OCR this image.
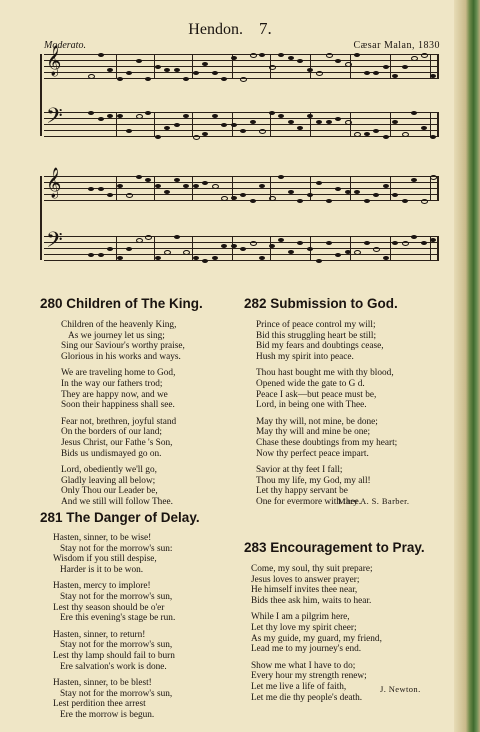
Hendon. 7.
Moderato.	Cæsar Malan, 1830
𝄞
𝄢
𝄞
𝄢
280 Children of The King.
Children of the heavenly King,
As we journey let us sing;
Sing our Saviour's worthy praise,
Glorious in his works and ways.
We are traveling home to God,
In the way our fathers trod;
They are happy now, and we
Soon their happiness shall see.
Fear not, brethren, joyful stand
On the borders of our land;
Jesus Christ, our Fathe 's Son,
Bids us undismayed go on.
Lord, obediently we'll go,
Gladly leaving all below;
Only Thou our Leader be,
And we still will follow Thee.
281 The Danger of Delay.
Hasten, sinner, to be wise!
Stay not for the morrow's sun:
Wisdom if you still despise,
Harder is it to be won.
Hasten, mercy to implore!
Stay not for the morrow's sun,
Lest thy season should be o'er
Ere this evening's stage be run.
Hasten, sinner, to return!
Stay not for the morrow's sun,
Lest thy lamp should fail to burn
Ere salvation's work is done.
Hasten, sinner, to be blest!
Stay not for the morrow's sun,
Lest perdition thee arrest
Ere the morrow is begun.
282 Submission to God.
Prince of peace control my will;
Bid this struggling heart be still;
Bid my fears and doubtings cease,
Hush my spirit into peace.
Thou hast bought me with thy blood,
Opened wide the gate to G d.
Peace I ask—but peace must be,
Lord, in being one with Thee.
May thy will, not mine, be done;
May thy will and mine be one;
Chase these doubtings from my heart;
Now thy perfect peace impart.
Savior at thy feet I fall;
Thou my life, my God, my all!
Let thy happy servant be
One for evermore with thee.
Mary A. S. Barber.
283 Encouragement to Pray.
Come, my soul, thy suit prepare;
Jesus loves to answer prayer;
He himself invites thee near,
Bids thee ask him, waits to hear.
While I am a pilgrim here,
Let thy love my spirit cheer;
As my guide, my guard, my friend,
Lead me to my journey's end.
Show me what I have to do;
Every hour my strength renew;
Let me live a life of faith,
Let me die thy people's death.
J. Newton.
